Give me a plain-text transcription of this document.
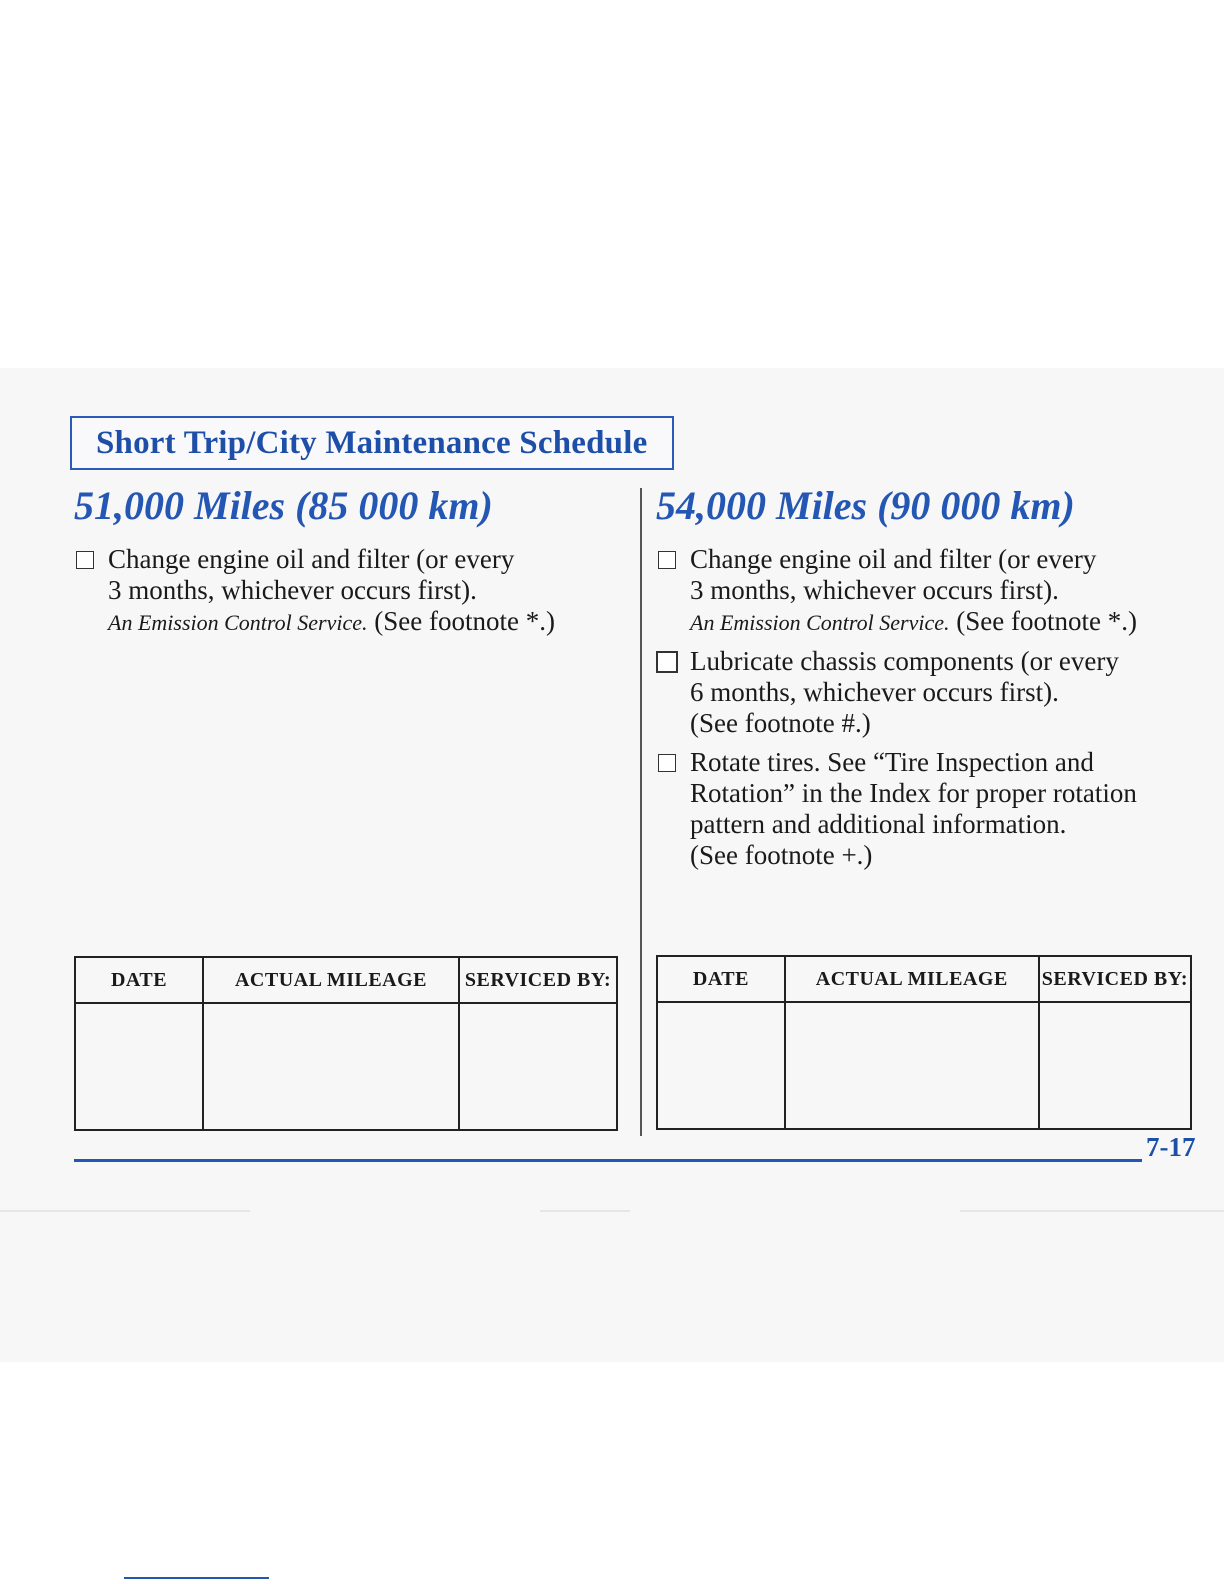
Short Trip/City Maintenance Schedule
51,000 Miles (85 000 km)
Change engine oil and filter (or every
3 months, whichever occurs first).
An Emission Control Service. (See footnote *.)
54,000 Miles (90 000 km)
Change engine oil and filter (or every
3 months, whichever occurs first).
An Emission Control Service. (See footnote *.)
Lubricate chassis components (or every
6 months, whichever occurs first).
(See footnote #.)
Rotate tires. See “Tire Inspection and
Rotation” in the Index for proper rotation
pattern and additional information.
(See footnote +.)
DATE	ACTUAL MILEAGE	SERVICED BY:
			DATE	ACTUAL MILEAGE	SERVICED BY:

7-17
